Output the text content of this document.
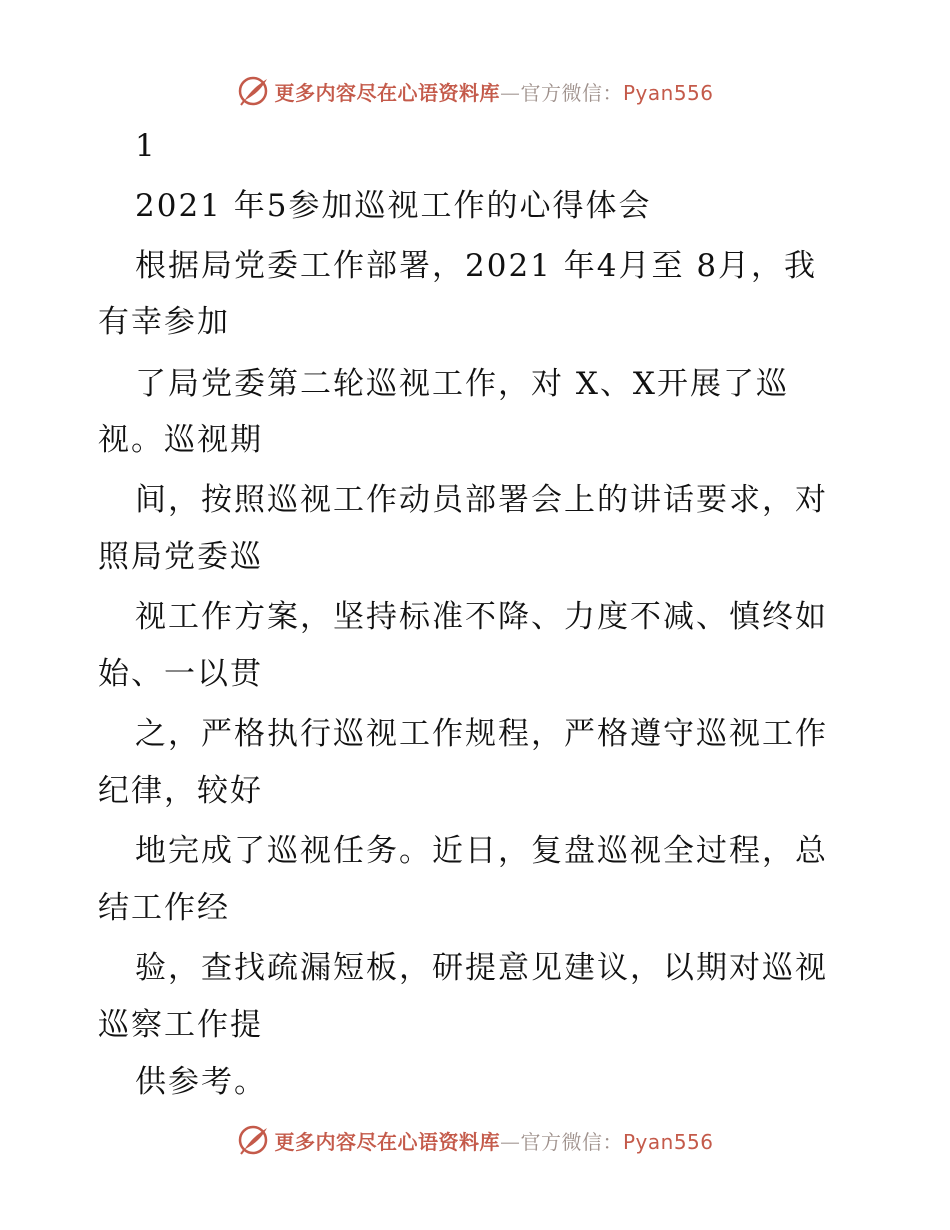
更多内容尽在心语资料库—官方微信：Pyan556
1
2021 年5参加巡视工作的心得体会
根据局党委工作部署，2021 年4月至 8月，我
有幸参加
了局党委第二轮巡视工作，对 X、X开展了巡
视。巡视期
间，按照巡视工作动员部署会上的讲话要求，对
照局党委巡
视工作方案，坚持标准不降、力度不减、慎终如
始、一以贯
之，严格执行巡视工作规程，严格遵守巡视工作
纪律，较好
地完成了巡视任务。近日，复盘巡视全过程，总
结工作经
验，查找疏漏短板，研提意见建议，以期对巡视
巡察工作提
供参考。
更多内容尽在心语资料库—官方微信：Pyan556
